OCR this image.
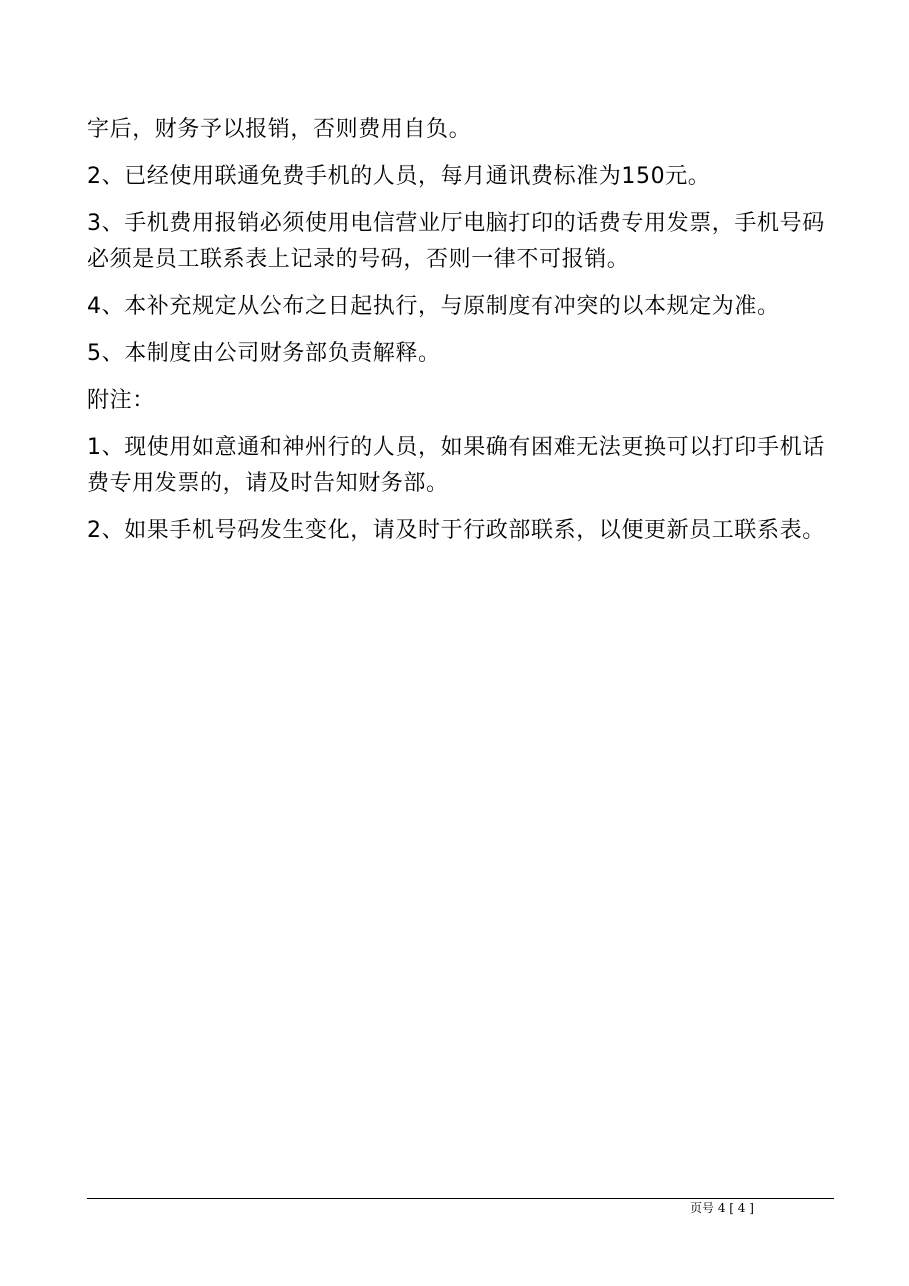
字后，财务予以报销，否则费用自负。

2、已经使用联通免费手机的人员，每月通讯费标准为150元。

3、手机费用报销必须使用电信营业厅电脑打印的话费专用发票，手机号码必须是员工联系表上记录的号码，否则一律不可报销。

4、本补充规定从公布之日起执行，与原制度有冲突的以本规定为准。

5、本制度由公司财务部负责解释。

附注：

1、现使用如意通和神州行的人员，如果确有困难无法更换可以打印手机话费专用发票的，请及时告知财务部。

2、如果手机号码发生变化，请及时于行政部联系，以便更新员工联系表。

页号 4 [ 4 ]
